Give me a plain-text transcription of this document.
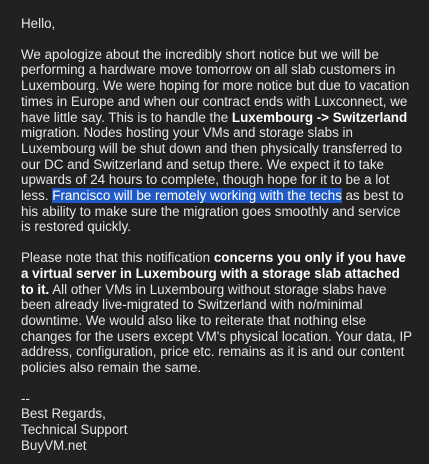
Hello,

We apologize about the incredibly short notice but we will be performing a hardware move tomorrow on all slab customers in Luxembourg. We were hoping for more notice but due to vacation times in Europe and when our contract ends with Luxconnect, we have little say. This is to handle the Luxembourg -> Switzerland migration. Nodes hosting your VMs and storage slabs in Luxembourg will be shut down and then physically transferred to our DC and Switzerland and setup there. We expect it to take upwards of 24 hours to complete, though hope for it to be a lot less. Francisco will be remotely working with the techs as best to his ability to make sure the migration goes smoothly and service is restored quickly.

Please note that this notification concerns you only if you have a virtual server in Luxembourg with a storage slab attached to it. All other VMs in Luxembourg without storage slabs have been already live-migrated to Switzerland with no/minimal downtime. We would also like to reiterate that nothing else changes for the users except VM's physical location. Your data, IP address, configuration, price etc. remains as it is and our content policies also remain the same.

--

Best Regards,

Technical Support

BuyVM.net
